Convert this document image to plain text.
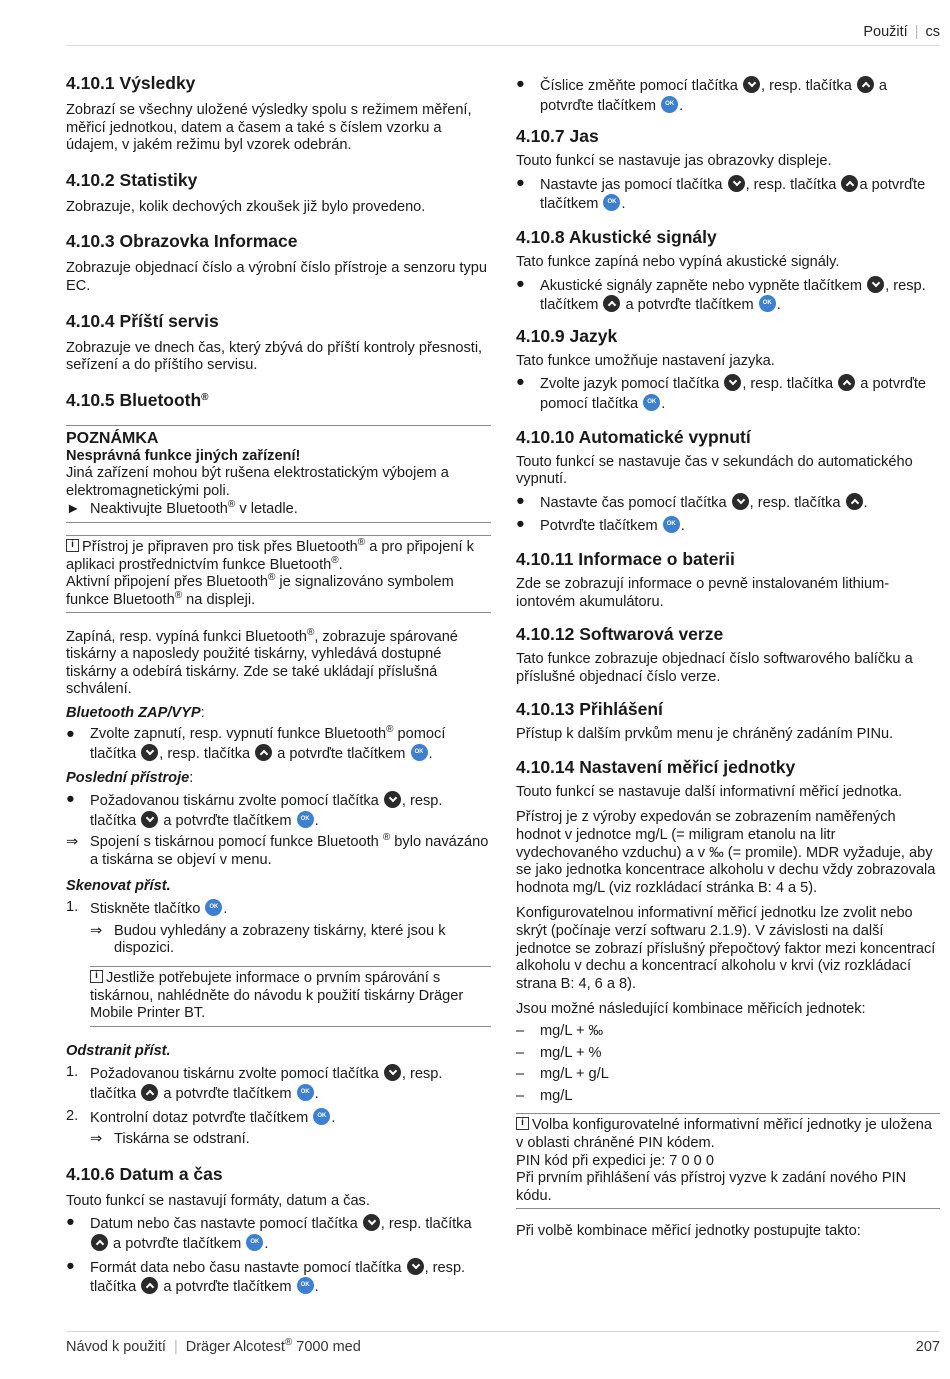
Použití | cs
4.10.1 Výsledky

Zobrazí se všechny uložené výsledky spolu s režimem měření, měřicí jednotkou, datem a časem a také s číslem vzorku a údajem, v jakém režimu byl vzorek odebrán.

4.10.2 Statistiky

Zobrazuje, kolik dechových zkoušek již bylo provedeno.

4.10.3 Obrazovka Informace

Zobrazuje objednací číslo a výrobní číslo přístroje a senzoru typu EC.

4.10.4 Příští servis

Zobrazuje ve dnech čas, který zbývá do příští kontroly přesnosti, seřízení a do příštího servisu.

4.10.5 Bluetooth®
POZNÁMKA
Nesprávná funkce jiných zařízení!

Jiná zařízení mohou být rušena elektrostatickým výbojem a elektromagnetickými poli.

► Neaktivujte Bluetooth® v letadle.
iPřístroj je připraven pro tisk přes Bluetooth® a pro připojení k aplikaci prostřednictvím funkce Bluetooth®.
Aktivní připojení přes Bluetooth® je signalizováno symbolem funkce Bluetooth® na displeji.

Zapíná, resp. vypíná funkci Bluetooth®, zobrazuje spárované tiskárny a naposledy použité tiskárny, vyhledává dostupné tiskárny a odebírá tiskárny. Zde se také ukládají příslušná schválení.

Bluetooth ZAP/VYP:

●	Zvolte zapnutí, resp. vypnutí funkce Bluetooth® pomocí tlačítka , resp. tlačítka  a potvrďte tlačítkem OK.

Poslední přístroje:

●	Požadovanou tiskárnu zvolte pomocí tlačítka , resp. tlačítka  a potvrďte tlačítkem OK.
⇒ Spojení s tiskárnou pomocí funkce Bluetooth ® bylo navázáno a tiskárna se objeví v menu.

Skenovat příst.

1. Stiskněte tlačítko OK.
⇒ Budou vyhledány a zobrazeny tiskárny, které jsou k dispozici.
iJestliže potřebujete informace o prvním spárování s tiskárnou, nahlédněte do návodu k použití tiskárny Dräger Mobile Printer BT.

Odstranit příst.

1. Požadovanou tiskárnu zvolte pomocí tlačítka , resp. tlačítka  a potvrďte tlačítkem OK.
2. Kontrolní dotaz potvrďte tlačítkem OK.
⇒ Tiskárna se odstraní.
4.10.6 Datum a čas

Touto funkcí se nastavují formáty, datum a čas.

●	Datum nebo čas nastavte pomocí tlačítka , resp. tlačítka  a potvrďte tlačítkem OK.
●	Formát data nebo času nastavte pomocí tlačítka , resp. tlačítka  a potvrďte tlačítkem OK.
●	Číslice změňte pomocí tlačítka , resp. tlačítka  a potvrďte tlačítkem OK.
4.10.7 Jas

Touto funkcí se nastavuje jas obrazovky displeje.

●	Nastavte jas pomocí tlačítka , resp. tlačítka a potvrďte tlačítkem OK.
4.10.8 Akustické signály

Tato funkce zapíná nebo vypíná akustické signály.

●	Akustické signály zapněte nebo vypněte tlačítkem , resp. tlačítkem  a potvrďte tlačítkem OK.
4.10.9 Jazyk

Tato funkce umožňuje nastavení jazyka.

●	Zvolte jazyk pomocí tlačítka , resp. tlačítka  a potvrďte pomocí tlačítka OK.
4.10.10 Automatické vypnutí

Touto funkcí se nastavuje čas v sekundách do automatického vypnutí.

●	Nastavte čas pomocí tlačítka , resp. tlačítka .
●	Potvrďte tlačítkem OK.
4.10.11 Informace o baterii

Zde se zobrazují informace o pevně instalovaném lithium-iontovém akumulátoru.

4.10.12 Softwarová verze

Tato funkce zobrazuje objednací číslo softwarového balíčku a příslušné objednací číslo verze.

4.10.13 Přihlášení

Přístup k dalším prvkům menu je chráněný zadáním PINu.

4.10.14 Nastavení měřicí jednotky

Touto funkcí se nastavuje další informativní měřicí jednotka.

Přístroj je z výroby expedován se zobrazením naměřených hodnot v jednotce mg/L (= miligram etanolu na litr vydechovaného vzduchu) a v ‰ (= promile). MDR vyžaduje, aby se jako jednotka koncentrace alkoholu v dechu vždy zobrazovala hodnota mg/L (viz rozkládací stránka B: 4 a 5).

Konfigurovatelnou informativní měřicí jednotku lze zvolit nebo skrýt (počínaje verzí softwaru 2.1.9). V závislosti na další jednotce se zobrazí příslušný přepočtový faktor mezi koncentrací alkoholu v dechu a koncentrací alkoholu v krvi (viz rozkládací strana B: 4, 6 a 8).

Jsou možné následující kombinace měřicích jednotek:

–	mg/L + ‰
–	mg/L + %
–	mg/L + g/L
–	mg/L
iVolba konfigurovatelné informativní měřicí jednotky je uložena v oblasti chráněné PIN kódem.
PIN kód při expedici je: 7 0 0 0
Při prvním přihlášení vás přístroj vyzve k zadání nového PIN kódu.

Při volbě kombinace měřicí jednotky postupujte takto:

Návod k použití | Dräger Alcotest® 7000 med	207
